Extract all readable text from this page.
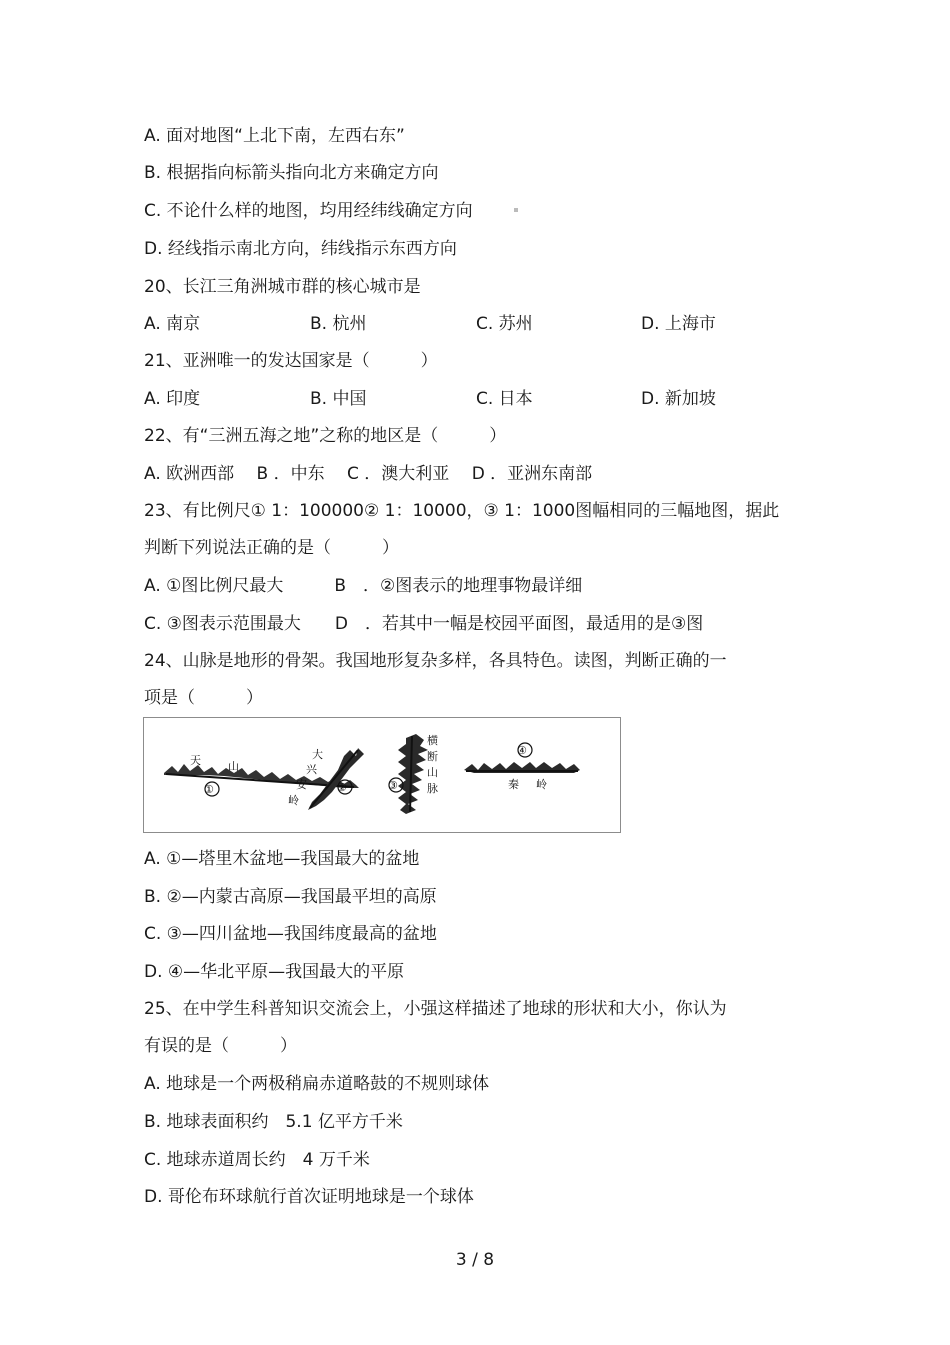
A. 面对地图“上北下南，左西右东”
B. 根据指向标箭头指向北方来确定方向
C. 不论什么样的地图，均用经纬线确定方向
D. 经线指示南北方向，纬线指示东西方向
20、长江三角洲城市群的核心城市是
A. 南京	B. 杭州	C. 苏州	D. 上海市
21、亚洲唯一的发达国家是（　　　）
A. 印度	B. 中国	C. 日本	D. 新加坡
22、有“三洲五海之地”之称的地区是（　　　）
A. 欧洲西部　 B ．中东　 C ．澳大利亚　 D ．亚洲东南部
23、有比例尺① 1：100000② 1：10000，③ 1：1000图幅相同的三幅地图，据此
判断下列说法正确的是（　　　）
A. ①图比例尺最大　　　B　．②图表示的地理事物最详细
C. ③图表示范围最大　　D　．若其中一幅是校园平面图，最适用的是③图
24、山脉是地形的骨架。我国地形复杂多样，各具特色。读图，判断正确的一
项是（　　　）
天 山
①
大
兴
安
岭
②
横
断
山
脉
③
④
秦 岭
A. ①—塔里木盆地—我国最大的盆地
B. ②—内蒙古高原—我国最平坦的高原
C. ③—四川盆地—我国纬度最高的盆地
D. ④—华北平原—我国最大的平原
25、在中学生科普知识交流会上，小强这样描述了地球的形状和大小，你认为
有误的是（　　　）
A. 地球是一个两极稍扁赤道略鼓的不规则球体
B. 地球表面积约　5.1 亿平方千米
C. 地球赤道周长约　4 万千米
D. 哥伦布环球航行首次证明地球是一个球体
3 / 8
